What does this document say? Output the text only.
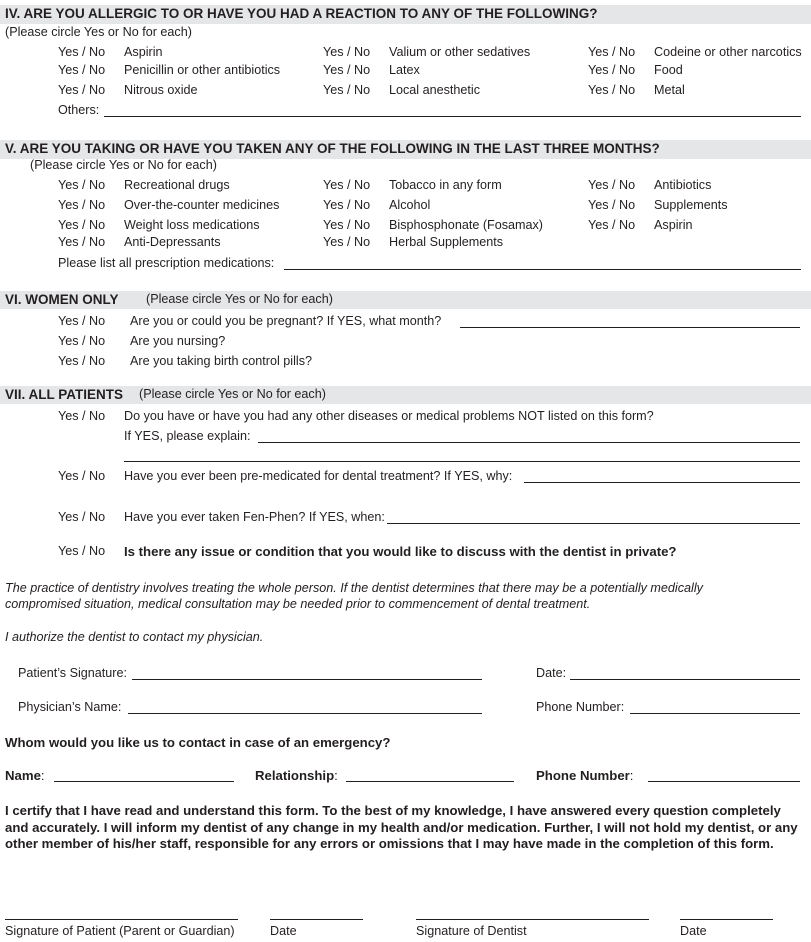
IV. ARE YOU ALLERGIC TO OR HAVE YOU HAD A REACTION TO ANY OF THE FOLLOWING?
(Please circle Yes or No for each)
Yes / No Aspirin	Yes / No Valium or other sedatives	Yes / No Codeine or other narcotics
Yes / No Penicillin or other antibiotics	Yes / No Latex	Yes / No Food
Yes / No Nitrous oxide	Yes / No Local anesthetic	Yes / No Metal
Others:
V. ARE YOU TAKING OR HAVE YOU TAKEN ANY OF THE FOLLOWING IN THE LAST THREE MONTHS?
(Please circle Yes or No for each)
Yes / No Recreational drugs	Yes / No Tobacco in any form	Yes / No Antibiotics
Yes / No Over-the-counter medicines	Yes / No Alcohol	Yes / No Supplements
Yes / No Weight loss medications	Yes / No Bisphosphonate (Fosamax)	Yes / No Aspirin
Yes / No Anti-Depressants	Yes / No Herbal Supplements
Please list all prescription medications:
VI. WOMEN ONLY (Please circle Yes or No for each)
Yes / No Are you or could you be pregnant? If YES, what month?
Yes / No Are you nursing?
Yes / No Are you taking birth control pills?
VII. ALL PATIENTS (Please circle Yes or No for each)
Yes / No Do you have or have you had any other diseases or medical problems NOT listed on this form?
If YES, please explain:
Yes / No Have you ever been pre-medicated for dental treatment? If YES, why:
Yes / No Have you ever taken Fen-Phen? If YES, when:
Yes / No Is there any issue or condition that you would like to discuss with the dentist in private?
The practice of dentistry involves treating the whole person. If the dentist determines that there may be a potentially medically compromised situation, medical consultation may be needed prior to commencement of dental treatment.
I authorize the dentist to contact my physician.
Patient’s Signature:	Date:
Physician’s Name:	Phone Number:
Whom would you like us to contact in case of an emergency?
Name:	Relationship:	Phone Number:
I certify that I have read and understand this form. To the best of my knowledge, I have answered every question completely and accurately. I will inform my dentist of any change in my health and/or medication. Further, I will not hold my dentist, or any other member of his/her staff, responsible for any errors or omissions that I may have made in the completion of this form.
Signature of Patient (Parent or Guardian)	Date	Signature of Dentist	Date
